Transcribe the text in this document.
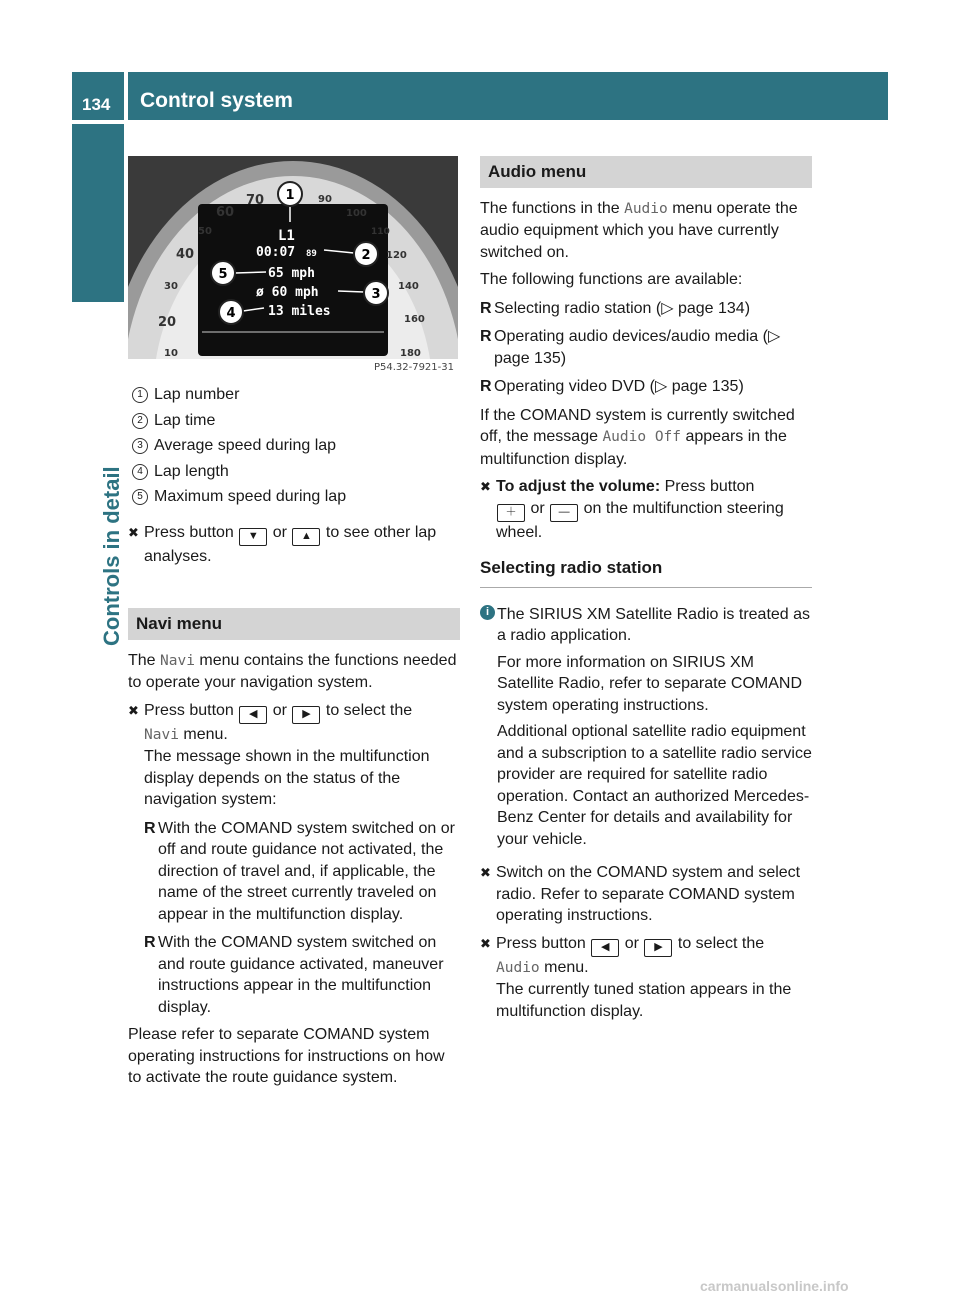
134 Control system
Controls in detail
70
60
50
40
30
20
10
90
100
110
120
140
160
180
L1
00:07 89
65 mph
ø 60 mph
13 miles
1
2
3
4
5
P54.32-7921-31
1 Lap number
2 Lap time
3 Average speed during lap
4 Lap length
5 Maximum speed during lap
✖ Press button ▼ or ▲ to see other lap analyses.
Navi menu

The Navi menu contains the functions needed to operate your navigation system.

✖ Press button ◀ or ▶ to select the
Navi menu.
The message shown in the multifunction display depends on the status of the navigation system:
R With the COMAND system switched on or off and route guidance not activated, the direction of travel and, if applicable, the name of the street currently traveled on appear in the multifunction display.
R With the COMAND system switched on and route guidance activated, maneuver instructions appear in the multifunction display.

Please refer to separate COMAND system operating instructions for instructions on how to activate the route guidance system.

Audio menu

The functions in the Audio menu operate the audio equipment which you have currently switched on.

The following functions are available:

R Selecting radio station (▷ page 134)
R Operating audio devices/audio media (▷ page 135)
R Operating video DVD (▷ page 135)

If the COMAND system is currently switched off, the message Audio Off appears in the multifunction display.

✖ To adjust the volume: Press button
＋ or — on the multifunction steering wheel.
Selecting radio station
i The SIRIUS XM Satellite Radio is treated as a radio application.

For more information on SIRIUS XM Satellite Radio, refer to separate COMAND system operating instructions.

Additional optional satellite radio equipment and a subscription to a satellite radio service provider are required for satellite radio operation. Contact an authorized Mercedes-Benz Center for details and availability for your vehicle.

✖ Switch on the COMAND system and select radio. Refer to separate COMAND system operating instructions.
✖ Press button ◀ or ▶ to select the
Audio menu.
The currently tuned station appears in the multifunction display.
carmanualsonline.info
